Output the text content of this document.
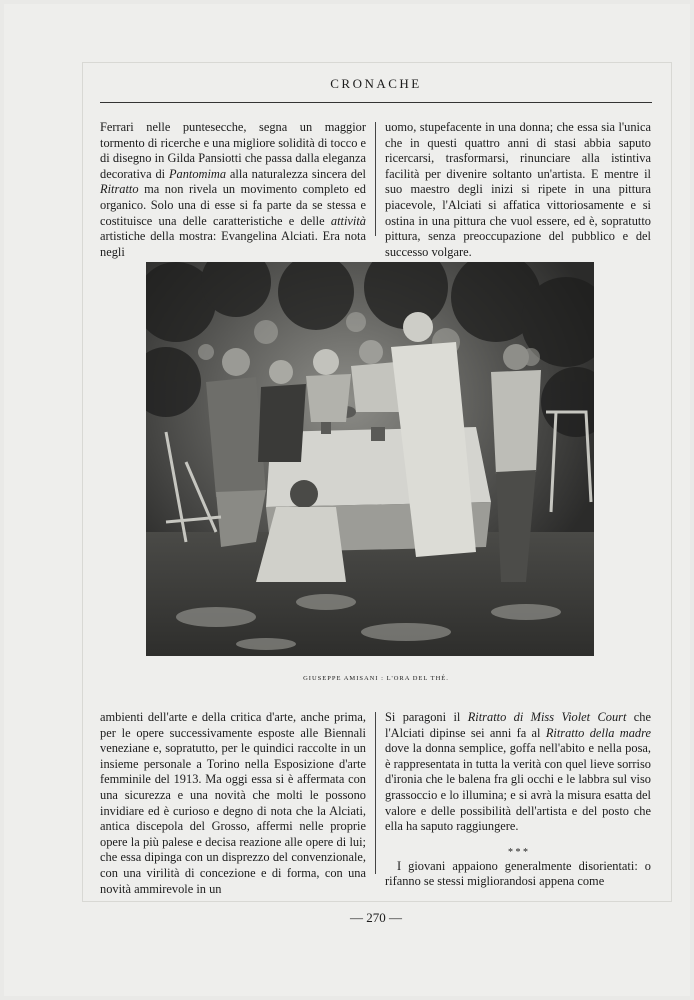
CRONACHE

Ferrari nelle puntesecche, segna un maggior tormento di ricerche e una migliore solidità di tocco e di disegno in Gilda Pansiotti che passa dalla eleganza decorativa di Pantomima alla naturalezza sincera del Ritratto ma non rivela un movimento completo ed organico. Solo una di esse si fa parte da se stessa e costituisce una delle caratteristiche e delle attività artistiche della mostra: Evangelina Alciati. Era nota negli

uomo, stupefacente in una donna; che essa sia l'unica che in questi quattro anni di stasi abbia saputo ricercarsi, trasformarsi, rinunciare alla istintiva facilità per divenire soltanto un'artista. E mentre il suo maestro degli inizi si ripete in una pittura piacevole, l'Alciati si affatica vittoriosamente e si ostina in una pittura che vuol essere, ed è, sopratutto pittura, senza preoccupazione del pubblico e del successo volgare.

GIUSEPPE AMISANI : L'ORA DEL THÉ.

ambienti dell'arte e della critica d'arte, anche prima, per le opere successivamente esposte alle Biennali veneziane e, sopratutto, per le quindici raccolte in un insieme personale a Torino nella Esposizione d'arte femminile del 1913. Ma oggi essa si è affermata con una sicurezza e una novità che molti le possono invidiare ed è curioso e degno di nota che la Alciati, antica discepola del Grosso, affermi nelle proprie opere la più palese e decisa reazione alle opere di lui; che essa dipinga con un disprezzo del convenzionale, con una virilità di concezione e di forma, con una novità ammirevole in un

Si paragoni il Ritratto di Miss Violet Court che l'Alciati dipinse sei anni fa al Ritratto della madre dove la donna semplice, goffa nell'abito e nella posa, è rappresentata in tutta la verità con quel lieve sorriso d'ironia che le balena fra gli occhi e le labbra sul viso grassoccio e lo illumina; e si avrà la misura esatta del valore e delle possibilità dell'artista e del posto che ella ha saputo raggiungere.

* * *

I giovani appaiono generalmente disorientati: o rifanno se stessi migliorandosi appena come

— 270 —
